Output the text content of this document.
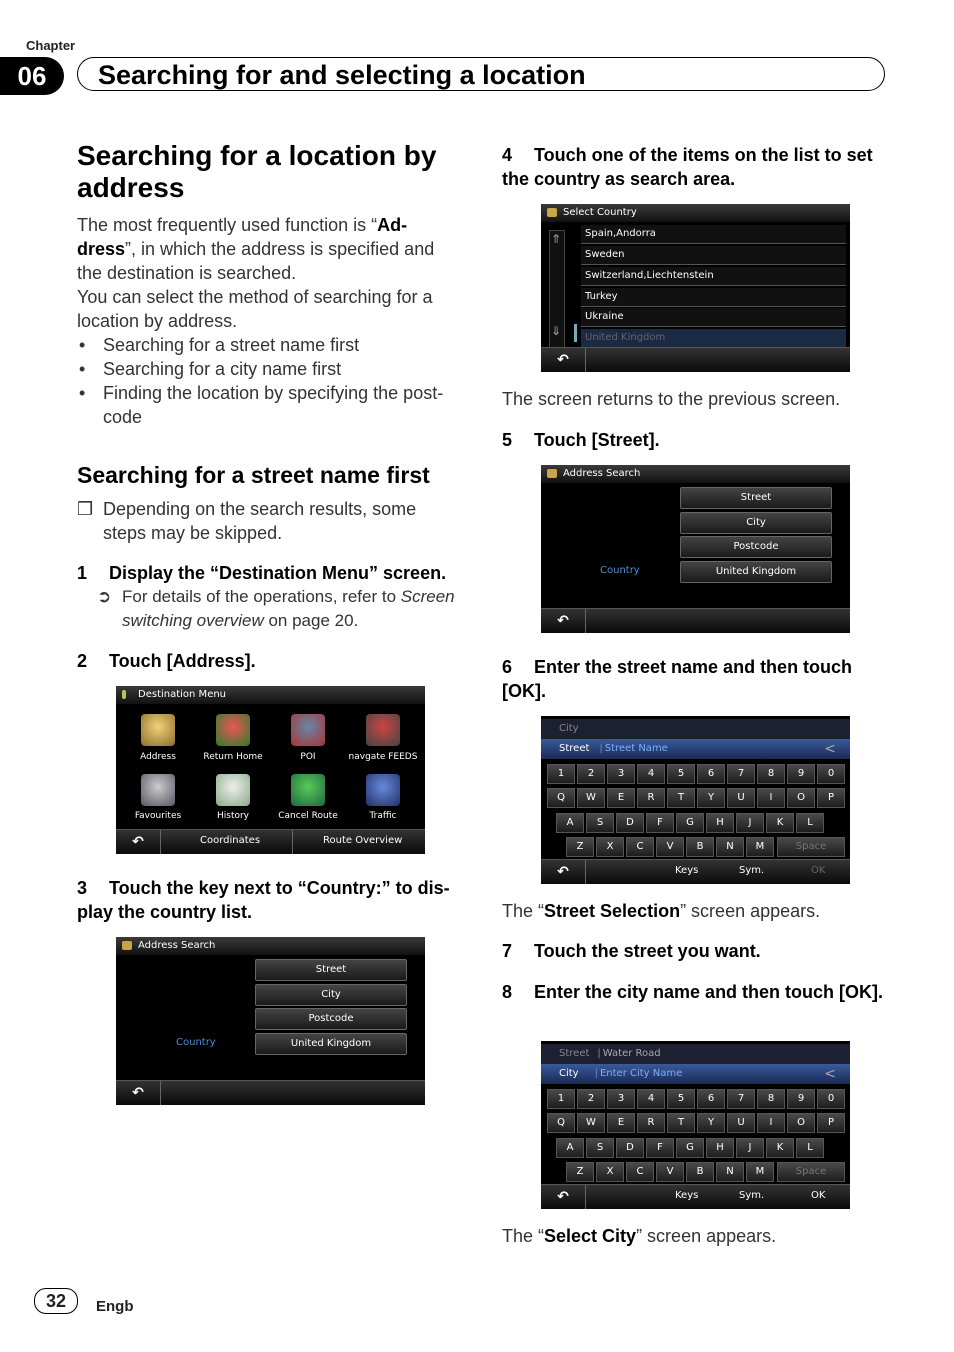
Chapter
06	Searching for and selecting a location
Searching for a location by address
The most frequently used function is “Ad-dress”, in which the address is specified and the destination is searched.
You can select the method of searching for a location by address.
• Searching for a street name first
• Searching for a city name first
• Finding the location by specifying the post-code
Searching for a street name first
❒ Depending on the search results, some steps may be skipped.
1 Display the “Destination Menu” screen.
➲ For details of the operations, refer to Screen switching overview on page 20.
2 Touch [Address].
Destination Menu
Address	Return Home	POI	navgate FEEDS
Favourites	History	Cancel Route	Traffic
↶	Coordinates	Route Overview
3 Touch the key next to “Country:” to dis-play the country list.
Address Search
Street
City
Postcode
Country	United Kingdom
↶
4 Touch one of the items on the list to set the country as search area.
Select Country
⇑
⇓
Spain,Andorra
Sweden
Switzerland,Liechtenstein
Turkey
Ukraine
United Kingdom
↶
The screen returns to the previous screen.
5 Touch [Street].
Address Search
Street
City
Postcode
Country	United Kingdom
↶
6 Enter the street name and then touch [OK].
City
Street | Street Name	<
1	2	3	4	5	6	7	8	9	0
Q	W	E	R	T	Y	U	I	O	P
A	S	D	F	G	H	J	K	L
Z	X	C	V	B	N	M	Space
↶	Keys	Sym.	OK
The “Street Selection” screen appears.
7 Touch the street you want.
8 Enter the city name and then touch [OK].
Street | Water Road
City | Enter City Name	<
1	2	3	4	5	6	7	8	9	0
Q	W	E	R	T	Y	U	I	O	P
A	S	D	F	G	H	J	K	L
Z	X	C	V	B	N	M	Space
↶	Keys	Sym.	OK
The “Select City” screen appears.
32	Engb
